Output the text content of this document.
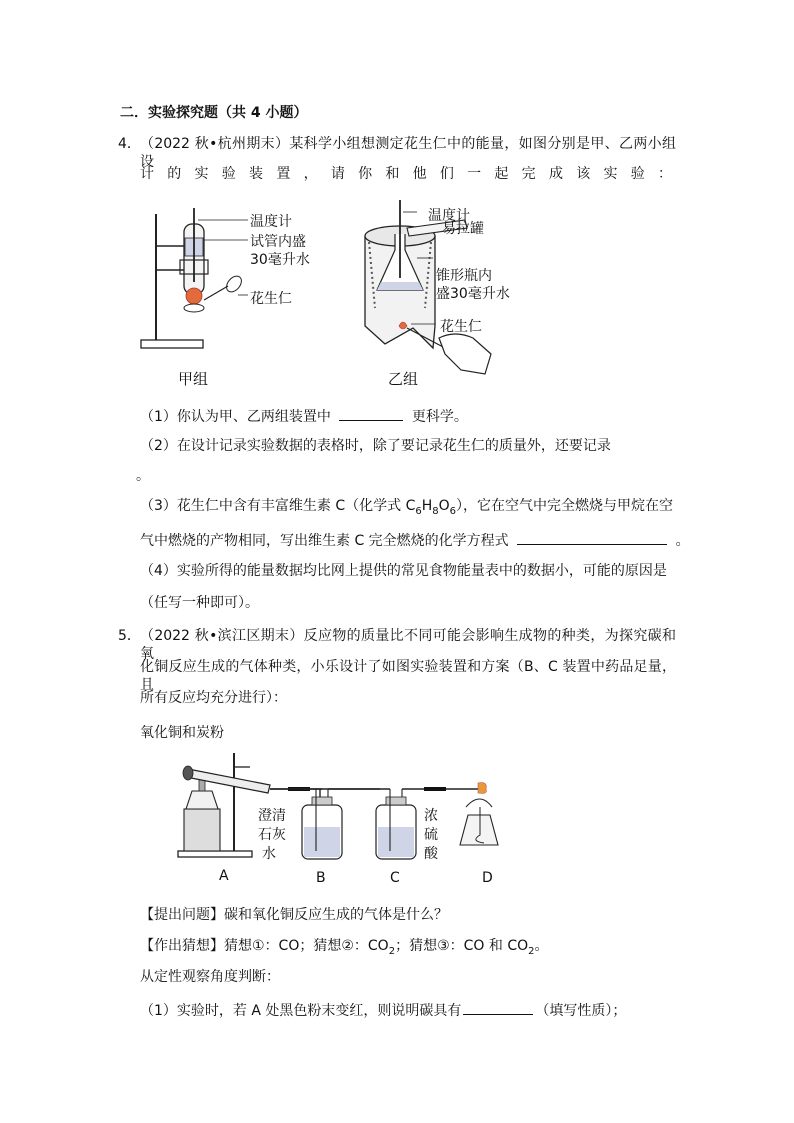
二．实验探究题（共 4 小题）
4． （2022 秋•杭州期末）某科学小组想测定花生仁中的能量，如图分别是甲、乙两小组设
计的实验装置，请你和他们一起完成该实验：
温度计
试管内盛
30毫升水
花生仁
甲组
温度计
易拉罐
锥形瓶内
盛30毫升水
花生仁
乙组
（1）你认为甲、乙两组装置中	更科学。
（2）在设计记录实验数据的表格时，除了要记录花生仁的质量外，还要记录
。
（3）花生仁中含有丰富维生素 C（化学式 $C_6H_8O_6$），它在空气中完全燃烧与甲烷在空
气中燃烧的产物相同，写出维生素 C 完全燃烧的化学方程式	。
（4）实验所得的能量数据均比网上提供的常见食物能量表中的数据小，可能的原因是
（任写一种即可）。
5． （2022 秋•滨江区期末）反应物的质量比不同可能会影响生成物的种类，为探究碳和氧
化铜反应生成的气体种类，小乐设计了如图实验装置和方案（B、C 装置中药品足量，且
所有反应均充分进行）：
氧化铜和炭粉
澄清
石灰
水
浓
硫
酸
A	B	C	D
【提出问题】碳和氧化铜反应生成的气体是什么？
【作出猜想】猜想①：CO；猜想②：$CO_2$；猜想③：CO 和 $CO_2$。
从定性观察角度判断：
（1）实验时，若 A 处黑色粉末变红，则说明碳具有	（填写性质）；
